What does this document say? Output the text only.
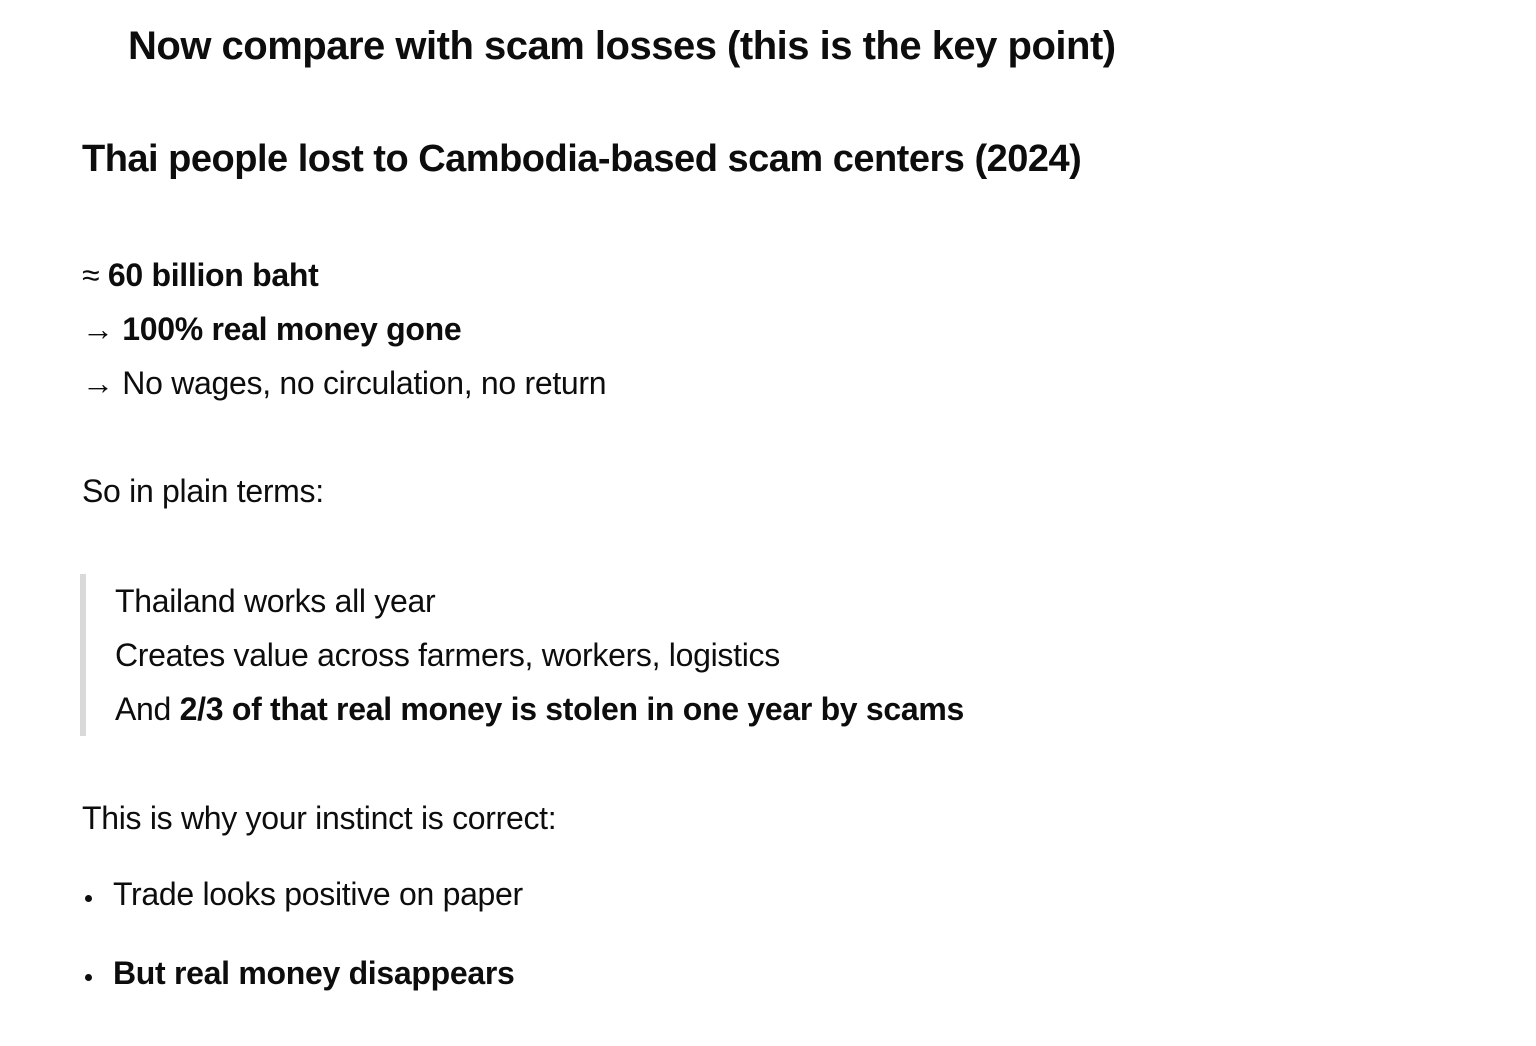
Now compare with scam losses (this is the key point)
Thai people lost to Cambodia-based scam centers (2024)

≈ 60 billion baht
→ 100% real money gone
→ No wages, no circulation, no return

So in plain terms:

Thailand works all year
Creates value across farmers, workers, logistics
And 2/3 of that real money is stolen in one year by scams

This is why your instinct is correct:

Trade looks positive on paper
But real money disappears
